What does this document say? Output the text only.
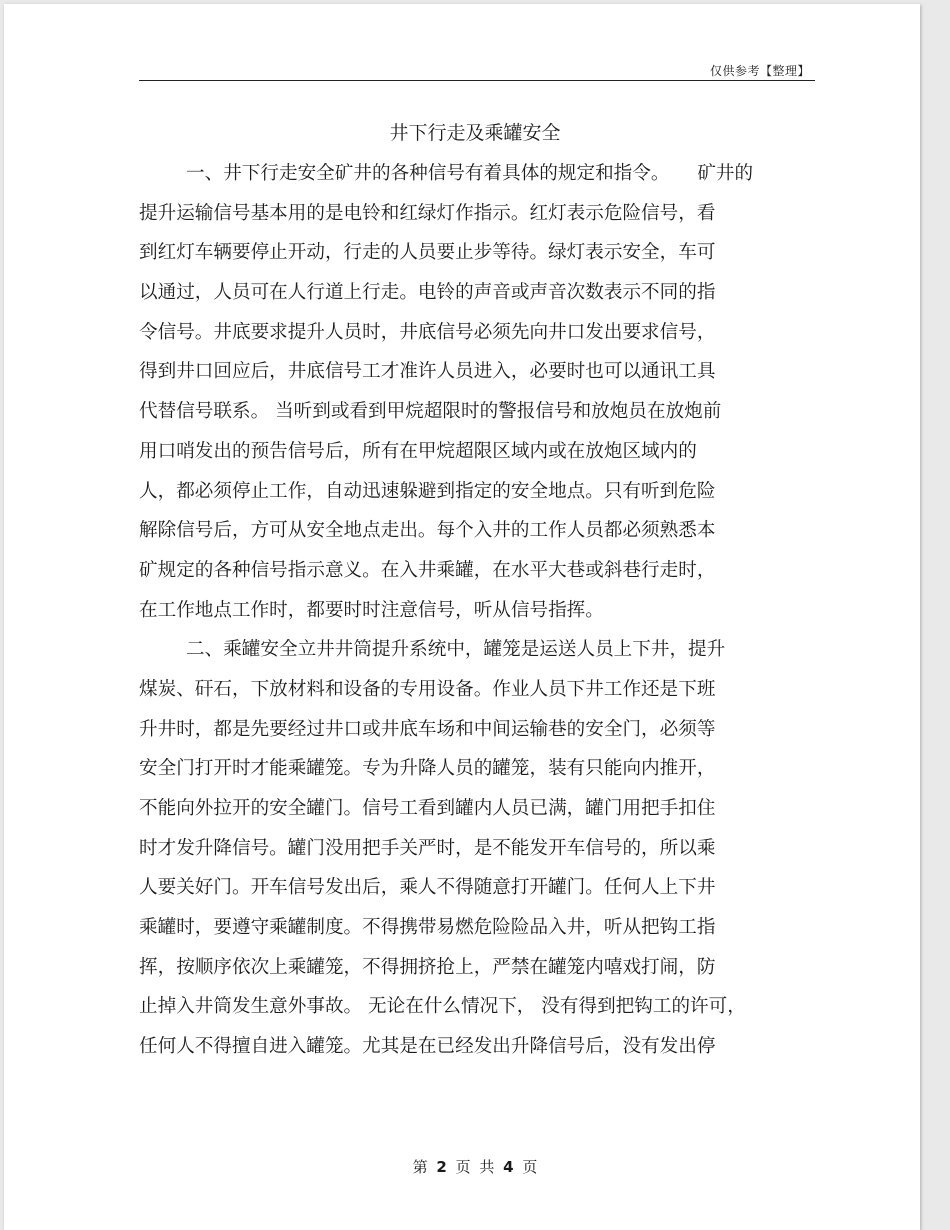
仅供参考【整理】
井下行走及乘罐安全
一、井下行走安全矿井的各种信号有着具体的规定和指令。　　矿井的
提升运输信号基本用的是电铃和红绿灯作指示。红灯表示危险信号，看
到红灯车辆要停止开动，行走的人员要止步等待。绿灯表示安全，车可
以通过，人员可在人行道上行走。电铃的声音或声音次数表示不同的指
令信号。井底要求提升人员时，井底信号必须先向井口发出要求信号，
得到井口回应后，井底信号工才准许人员进入，必要时也可以通讯工具
代替信号联系。 当听到或看到甲烷超限时的警报信号和放炮员在放炮前
用口哨发出的预告信号后，所有在甲烷超限区域内或在放炮区域内的
人，都必须停止工作，自动迅速躲避到指定的安全地点。只有听到危险
解除信号后，方可从安全地点走出。每个入井的工作人员都必须熟悉本
矿规定的各种信号指示意义。在入井乘罐，在水平大巷或斜巷行走时，
在工作地点工作时，都要时时注意信号，听从信号指挥。
二、乘罐安全立井井筒提升系统中，罐笼是运送人员上下井，提升
煤炭、矸石，下放材料和设备的专用设备。作业人员下井工作还是下班
升井时，都是先要经过井口或井底车场和中间运输巷的安全门，必须等
安全门打开时才能乘罐笼。专为升降人员的罐笼，装有只能向内推开，
不能向外拉开的安全罐门。信号工看到罐内人员已满，罐门用把手扣住
时才发升降信号。罐门没用把手关严时，是不能发开车信号的，所以乘
人要关好门。开车信号发出后，乘人不得随意打开罐门。任何人上下井
乘罐时，要遵守乘罐制度。不得携带易燃危险险品入井，听从把钩工指
挥，按顺序依次上乘罐笼，不得拥挤抢上，严禁在罐笼内嘻戏打闹，防
止掉入井筒发生意外事故。 无论在什么情况下， 没有得到把钩工的许可，
任何人不得擅自进入罐笼。尤其是在已经发出升降信号后，没有发出停
第 2 页 共 4 页
